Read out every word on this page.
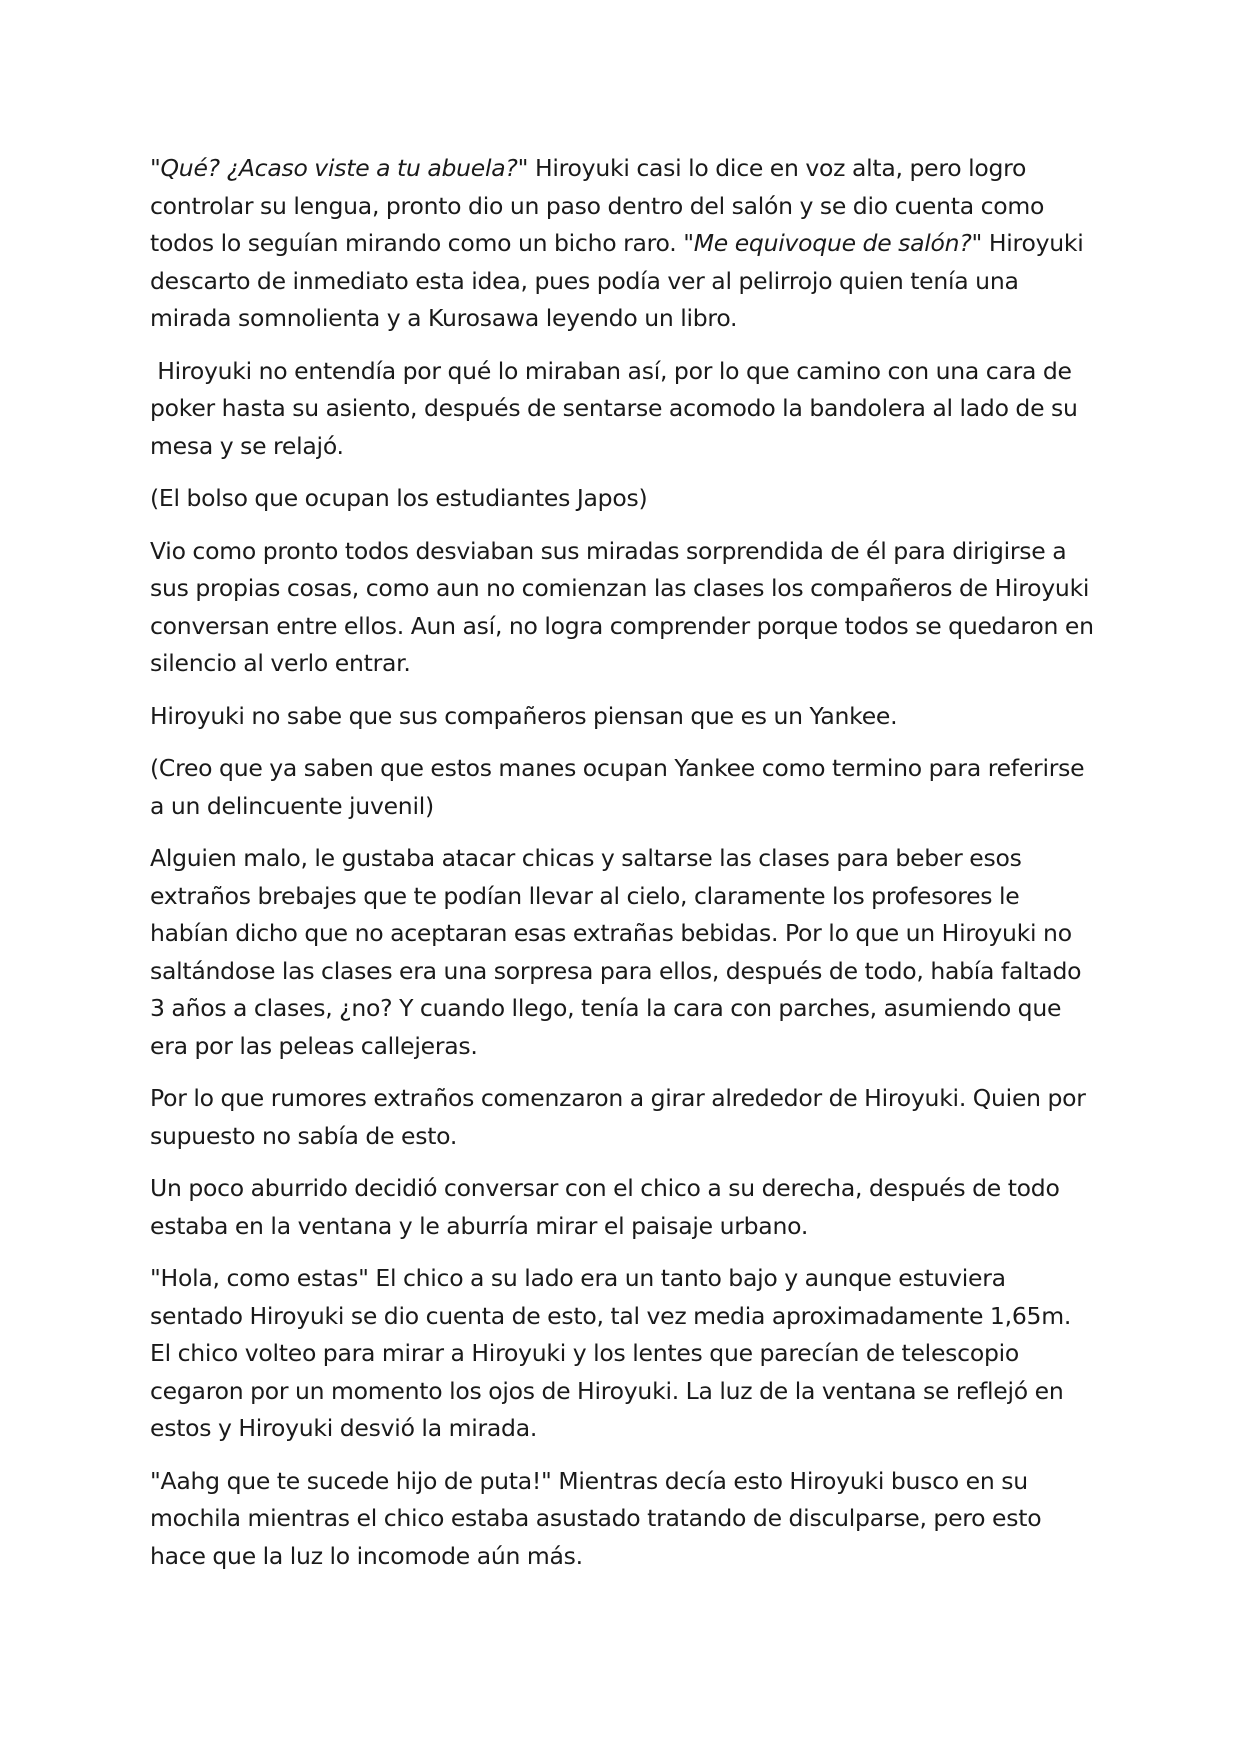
"Qué? ¿Acaso viste a tu abuela?" Hiroyuki casi lo dice en voz alta, pero logro controlar su lengua, pronto dio un paso dentro del salón y se dio cuenta como todos lo seguían mirando como un bicho raro. "Me equivoque de salón?" Hiroyuki descarto de inmediato esta idea, pues podía ver al pelirrojo quien tenía una mirada somnolienta y a Kurosawa leyendo un libro.

Hiroyuki no entendía por qué lo miraban así, por lo que camino con una cara de poker hasta su asiento, después de sentarse acomodo la bandolera al lado de su mesa y se relajó.

(El bolso que ocupan los estudiantes Japos)

Vio como pronto todos desviaban sus miradas sorprendida de él para dirigirse a sus propias cosas, como aun no comienzan las clases los compañeros de Hiroyuki conversan entre ellos. Aun así, no logra comprender porque todos se quedaron en silencio al verlo entrar.

Hiroyuki no sabe que sus compañeros piensan que es un Yankee.

(Creo que ya saben que estos manes ocupan Yankee como termino para referirse a un delincuente juvenil)

Alguien malo, le gustaba atacar chicas y saltarse las clases para beber esos extraños brebajes que te podían llevar al cielo, claramente los profesores le habían dicho que no aceptaran esas extrañas bebidas. Por lo que un Hiroyuki no saltándose las clases era una sorpresa para ellos, después de todo, había faltado 3 años a clases, ¿no? Y cuando llego, tenía la cara con parches, asumiendo que era por las peleas callejeras.

Por lo que rumores extraños comenzaron a girar alrededor de Hiroyuki. Quien por supuesto no sabía de esto.

Un poco aburrido decidió conversar con el chico a su derecha, después de todo estaba en la ventana y le aburría mirar el paisaje urbano.

"Hola, como estas" El chico a su lado era un tanto bajo y aunque estuviera sentado Hiroyuki se dio cuenta de esto, tal vez media aproximadamente 1,65m. El chico volteo para mirar a Hiroyuki y los lentes que parecían de telescopio cegaron por un momento los ojos de Hiroyuki. La luz de la ventana se reflejó en estos y Hiroyuki desvió la mirada.

"Aahg que te sucede hijo de puta!" Mientras decía esto Hiroyuki busco en su mochila mientras el chico estaba asustado tratando de disculparse, pero esto hace que la luz lo incomode aún más.
